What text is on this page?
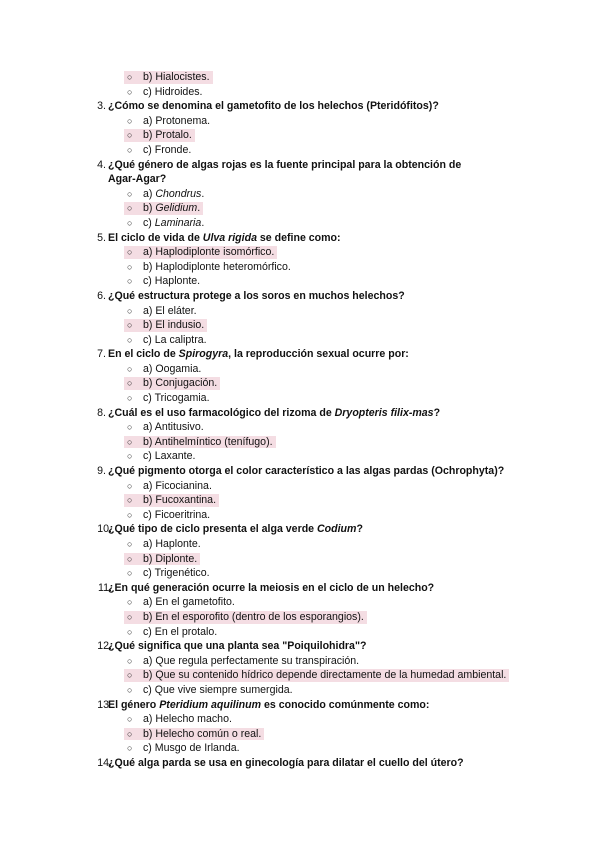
○ b) Hialocistes.
○ c) Hidroides.
3. ¿Cómo se denomina el gametofito de los helechos (Pteridófitos)?
○ a) Protonema.
○ b) Protalo.
○ c) Fronde.
4. ¿Qué género de algas rojas es la fuente principal para la obtención de
Agar-Agar?
○ a) Chondrus.
○ b) Gelidium.
○ c) Laminaria.
5. El ciclo de vida de Ulva rigida se define como:
○ a) Haplodiplonte isomórfico.
○ b) Haplodiplonte heteromórfico.
○ c) Haplonte.
6. ¿Qué estructura protege a los soros en muchos helechos?
○ a) El eláter.
○ b) El indusio.
○ c) La caliptra.
7. En el ciclo de Spirogyra, la reproducción sexual ocurre por:
○ a) Oogamia.
○ b) Conjugación.
○ c) Tricogamia.
8. ¿Cuál es el uso farmacológico del rizoma de Dryopteris filix-mas?
○ a) Antitusivo.
○ b) Antihelmíntico (tenífugo).
○ c) Laxante.
9. ¿Qué pigmento otorga el color característico a las algas pardas (Ochrophyta)?
○ a) Ficocianina.
○ b) Fucoxantina.
○ c) Ficoeritrina.
10.
¿Qué tipo de ciclo presenta el alga verde Codium?
○ a) Haplonte.
○ b) Diplonte.
○ c) Trigenético.
11.
¿En qué generación ocurre la meiosis en el ciclo de un helecho?
○ a) En el gametofito.
○ b) En el esporofito (dentro de los esporangios).
○ c) En el protalo.
12.
¿Qué significa que una planta sea "Poiquilohidra"?
○ a) Que regula perfectamente su transpiración.
○ b) Que su contenido hídrico depende directamente de la humedad ambiental.
○ c) Que vive siempre sumergida.
13.
El género Pteridium aquilinum es conocido comúnmente como:
○ a) Helecho macho.
○ b) Helecho común o real.
○ c) Musgo de Irlanda.
14.
¿Qué alga parda se usa en ginecología para dilatar el cuello del útero?
